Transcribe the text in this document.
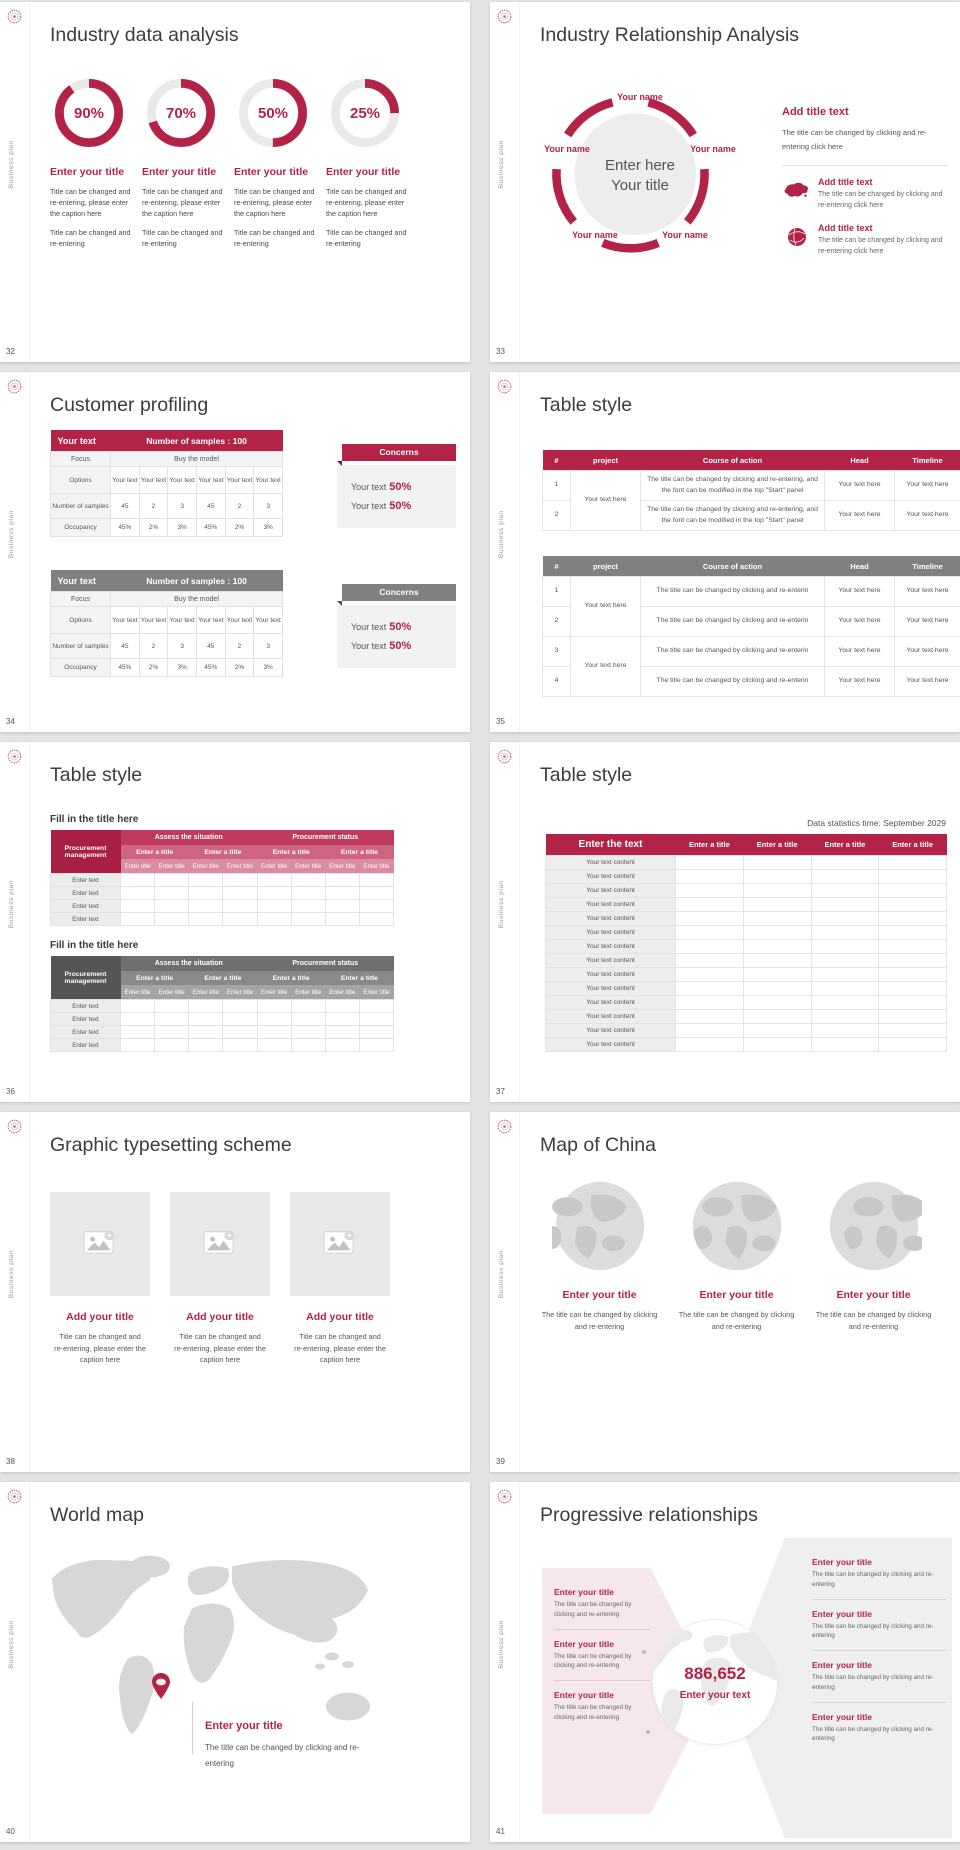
Business plan
32
Industry data analysis
90%
Enter your title

Title can be changed and re-entering, please enter the caption here

Title can be changed and re-entering

70%
Enter your title

Title can be changed and re-entering, please enter the caption here

Title can be changed and re-entering

50%
Enter your title

Title can be changed and re-entering, please enter the caption here

Title can be changed and re-entering

25%
Enter your title

Title can be changed and re-entering, please enter the caption here

Title can be changed and re-entering

Business plan
33
Industry Relationship Analysis
Your name
Your name
Your name
Your name
Your name
Enter here
Your title
Add title text

The title can be changed by clicking and re-entering click here

Add title text
The title can be changed by clicking and re-entering click here
Add title text
The title can be changed by clicking and re-entering click here
Business plan
34
Customer profiling
Your text	Number of samples : 100					
Focus	Buy the model					
Options	Your text	Your text	Your text	Your text	Your text	Your text
Number of samples	45	2	3	45	2	3
Occupancy	45%	2%	3%	45%	2%	3%
Your text	Number of samples : 100					
Focus	Buy the model					
Options	Your text	Your text	Your text	Your text	Your text	Your text
Number of samples	45	2	3	45	2	3
Occupancy	45%	2%	3%	45%	2%	3%
Concerns
Your text 50%
Your text 50%
Concerns
Your text 50%
Your text 50%
Business plan
35
Table style
#	project	Course of action	Head	Timeline
1	Your text here	The title can be changed by clicking and re-entering, and the font can be modified in the top "Start" panel	Your text here	Your text here
2		The title can be changed by clicking and re-entering, and the font can be modified in the top "Start" panel	Your text here	Your text here
#	project	Course of action	Head	Timeline
1	Your text here	The title can be changed by clicking and re-enterin	Your text here	Your text here
2		The title can be changed by clicking and re-enterin	Your text here	Your text here
3	Your text here	The title can be changed by clicking and re-enterin	Your text here	Your text here
4		The title can be changed by clicking and re-enterin	Your text here	Your text here
Business plan
36
Table style
Fill in the title here
Procurement management	Assess the situation				Procurement status			
	Enter a title		Enter a title		Enter a title		Enter a title	
	Enter title	Enter title	Enter title	Enter title	Enter title	Enter title	Enter title	Enter title
Enter text								
Enter text								
Enter text								
Enter text								
Fill in the title here
Procurement management	Assess the situation				Procurement status			
	Enter a title		Enter a title		Enter a title		Enter a title	
	Enter title	Enter title	Enter title	Enter title	Enter title	Enter title	Enter title	Enter title
Enter text								
Enter text								
Enter text								
Enter text								
Business plan
37
Table style
Data statistics time: September 2029
Enter the text	Enter a title	Enter a title	Enter a title	Enter a title
Your text content				
Your text content				
Your text content				
Your text content				
Your text content				
Your text content				
Your text content				
Your text content				
Your text content				
Your text content				
Your text content				
Your text content				
Your text content				
Your text content				
Business plan
38
Graphic typesetting scheme
Add your title
Title can be changed and re-entering, please enter the caption here
Add your title
Title can be changed and re-entering, please enter the caption here
Add your title
Title can be changed and re-entering, please enter the caption here
Business plan
39
Map of China
Enter your title
The title can be changed by clicking and re-entering
Enter your title
The title can be changed by clicking and re-entering
Enter your title
The title can be changed by clicking and re-entering
Business plan
40
World map
Enter your title

The title can be changed by clicking and re-entering

Business plan
41
Progressive relationships
Enter your title
The title can be changed by clicking and re-entering
Enter your title
The title can be changed by clicking and re-entering
Enter your title
The title can be changed by clicking and re-entering
886,652
Enter your text
Enter your title
The title can be changed by clicking and re-entering
Enter your title
The title can be changed by clicking and re-entering
Enter your title
The title can be changed by clicking and re-entering
Enter your title
The title can be changed by clicking and re-entering
